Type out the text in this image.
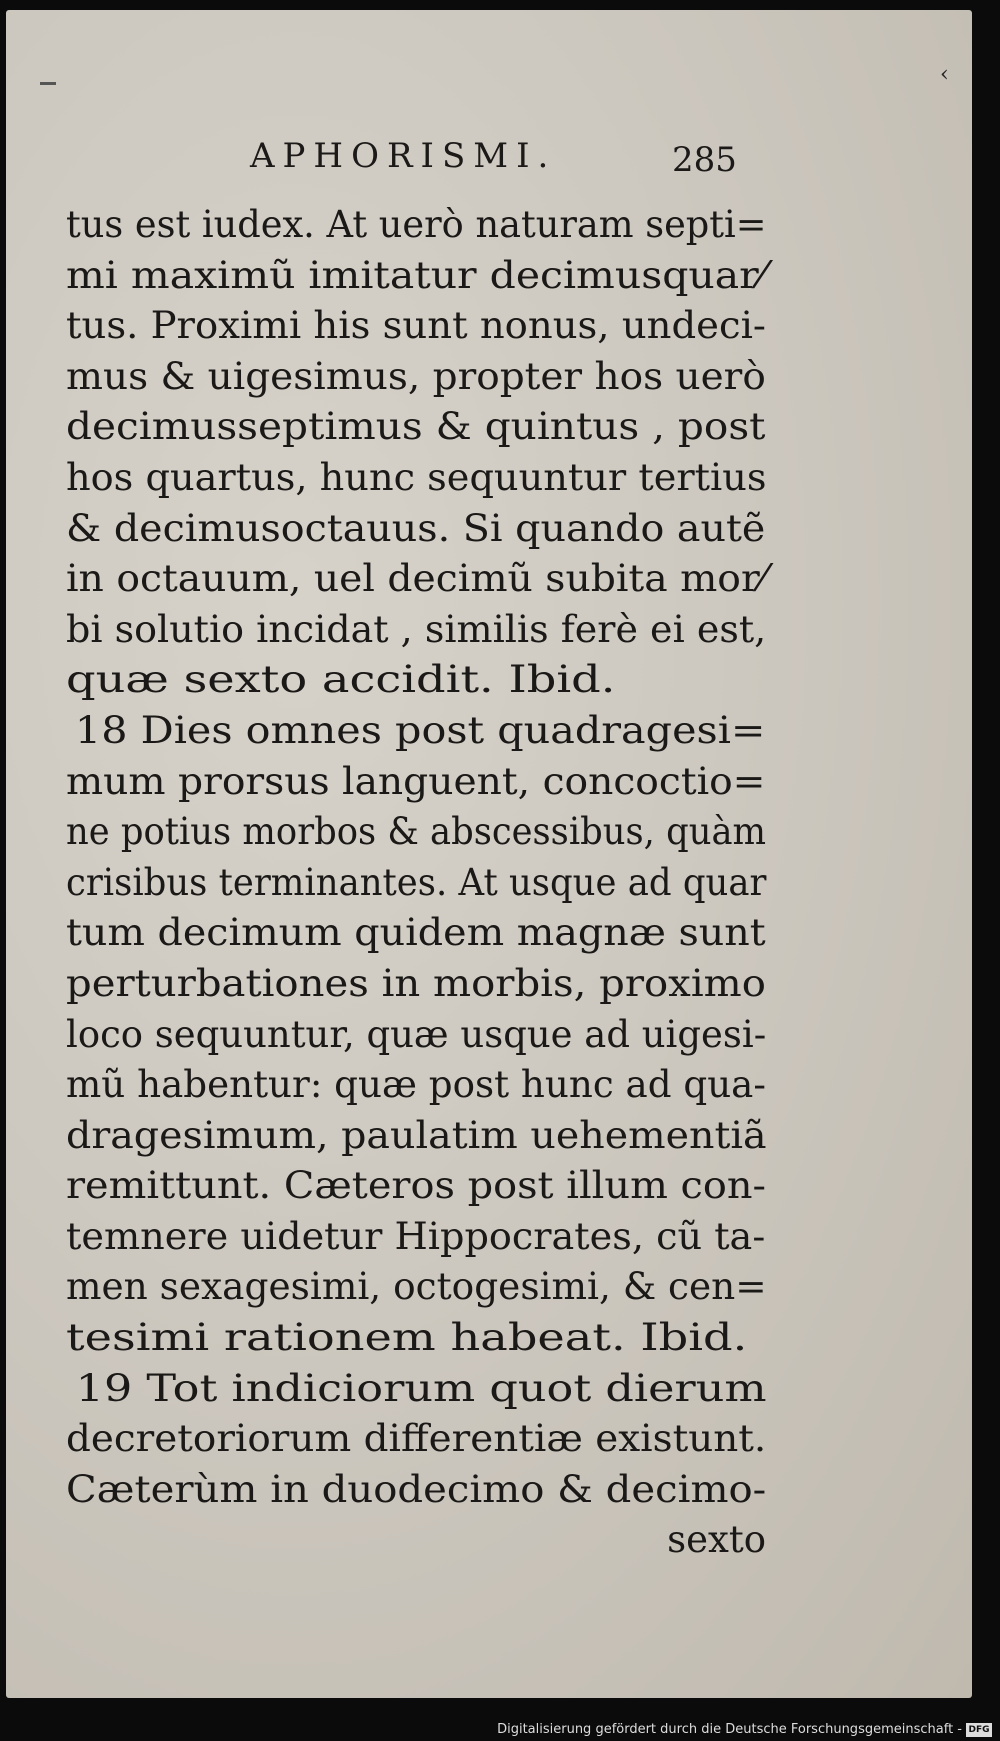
‹
APHORISMI.	285
tus est iudex. At uerò naturam septi=
mi maximũ imitatur decimusquar⁄
tus. Proximi his sunt nonus, undeci-
mus & uigesimus, propter hos uerò
decimusseptimus & quintus , post
hos quartus, hunc sequuntur tertius
& decimusoctauus. Si quando autẽ
in octauum, uel decimũ subita mor⁄
bi solutio incidat , similis ferè ei est,
quæ sexto accidit. Ibid.
18 Dies omnes post quadragesi=
mum prorsus languent, concoctio=
ne potius morbos & abscessibus, quàm
crisibus terminantes. At usque ad quar
tum decimum quidem magnæ sunt
perturbationes in morbis, proximo
loco sequuntur, quæ usque ad uigesi-
mũ habentur: quæ post hunc ad qua-
dragesimum, paulatim uehementiã
remittunt. Cæteros post illum con-
temnere uidetur Hippocrates, cũ ta-
men sexagesimi, octogesimi, & cen=
tesimi rationem habeat. Ibid.
19 Tot indiciorum quot dierum
decretoriorum differentiæ existunt.
Cæterùm in duodecimo & decimo-
sexto
Digitalisierung gefördert durch die Deutsche Forschungsgemeinschaft - DFG
